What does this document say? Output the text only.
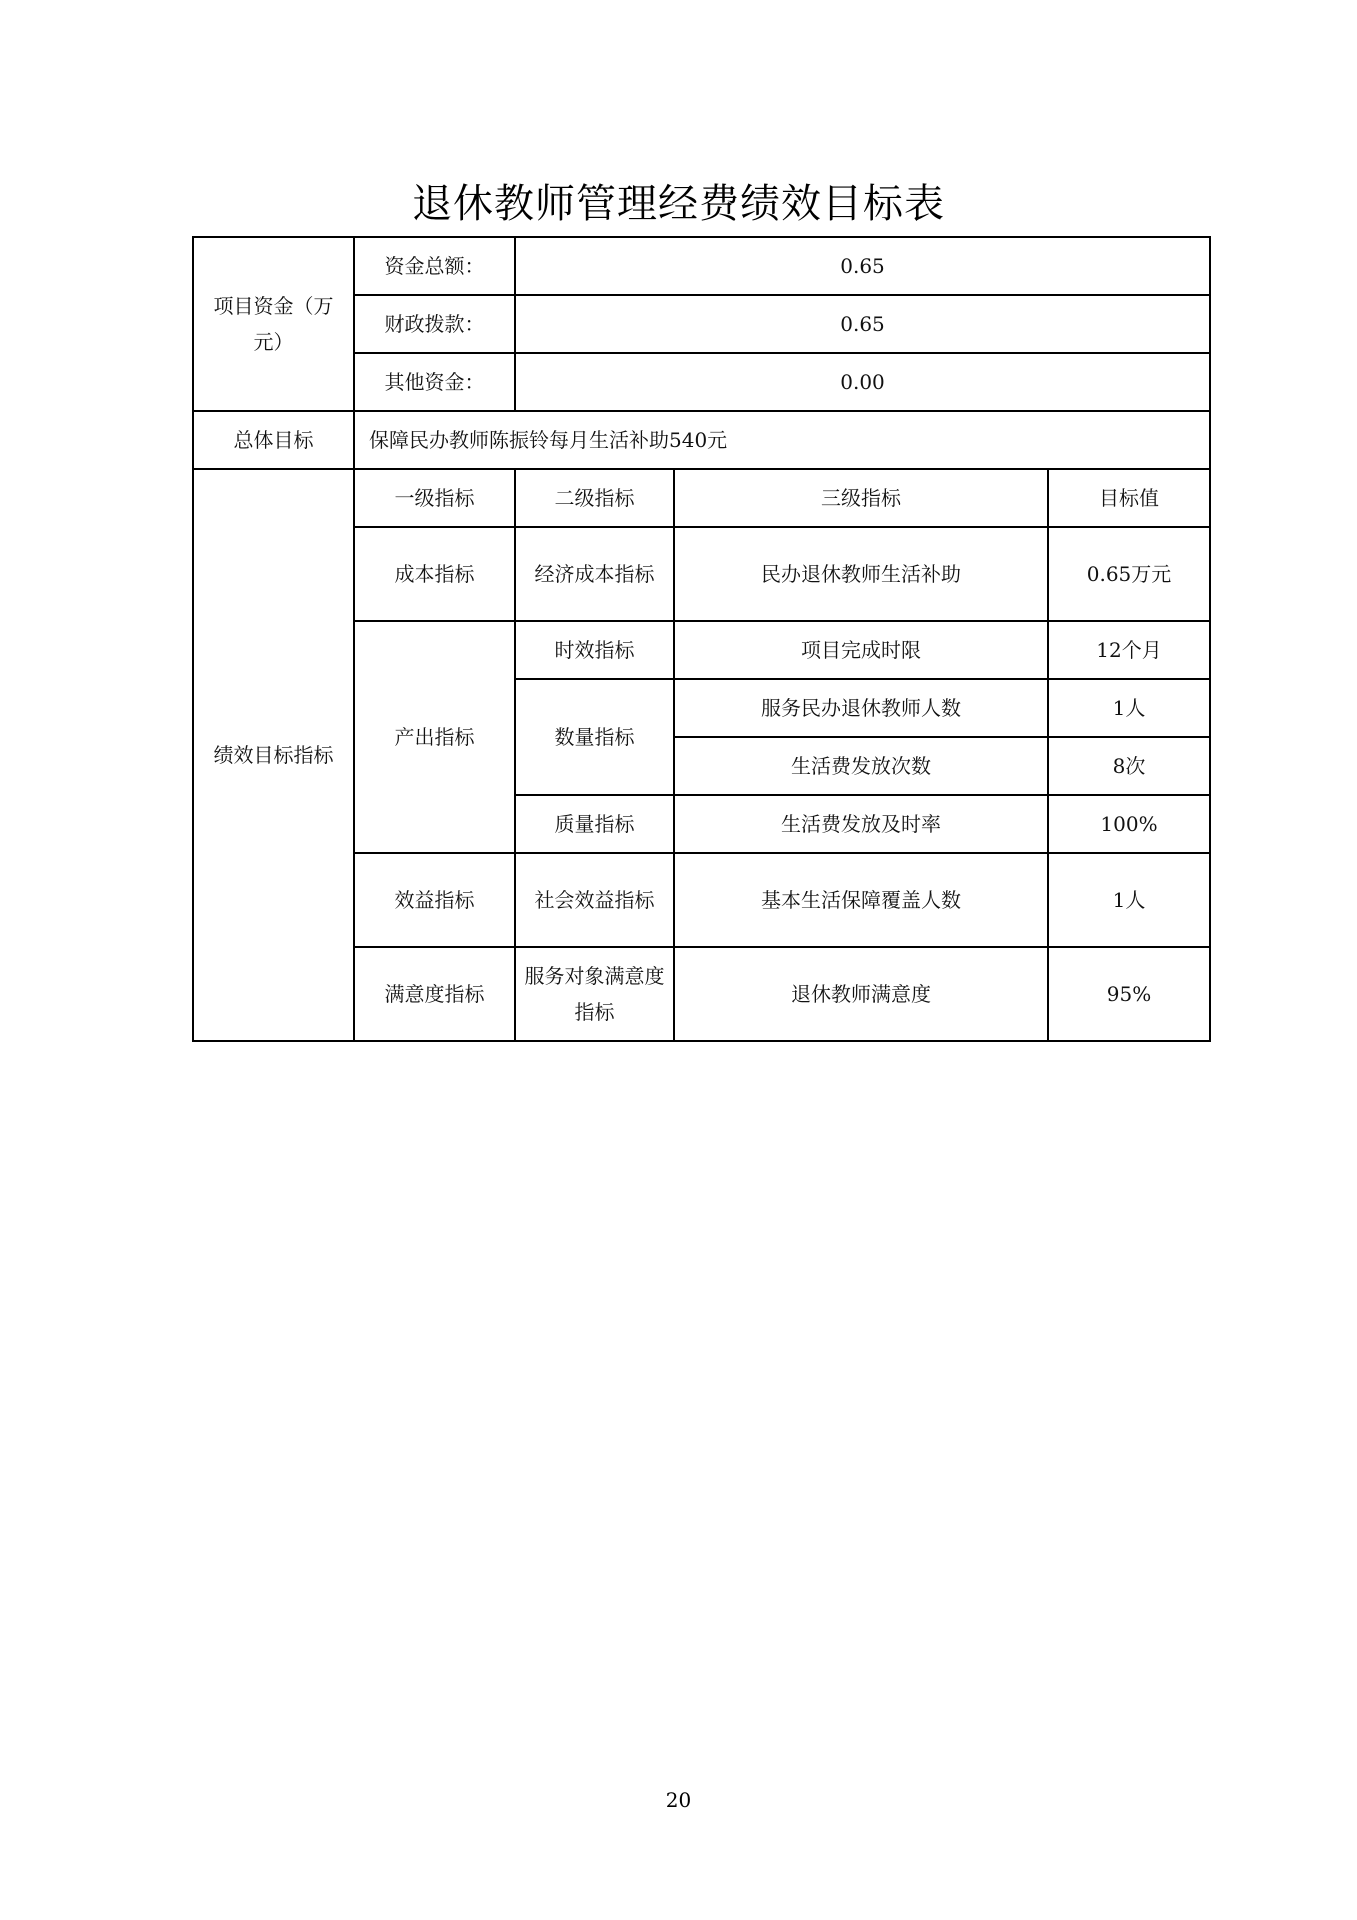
退休教师管理经费绩效目标表
项目资金（万元）	资金总额：	0.65		
	财政拨款：	0.65		
	其他资金：	0.00		
总体目标	保障民办教师陈振铃每月生活补助540元			
绩效目标指标	一级指标	二级指标	三级指标	目标值
	成本指标	经济成本指标	民办退休教师生活补助	0.65万元
	产出指标	时效指标	项目完成时限	12个月
		数量指标	服务民办退休教师人数	1人
			生活费发放次数	8次
		质量指标	生活费发放及时率	100%
	效益指标	社会效益指标	基本生活保障覆盖人数	1人
	满意度指标	服务对象满意度指标	退休教师满意度	95%
20
